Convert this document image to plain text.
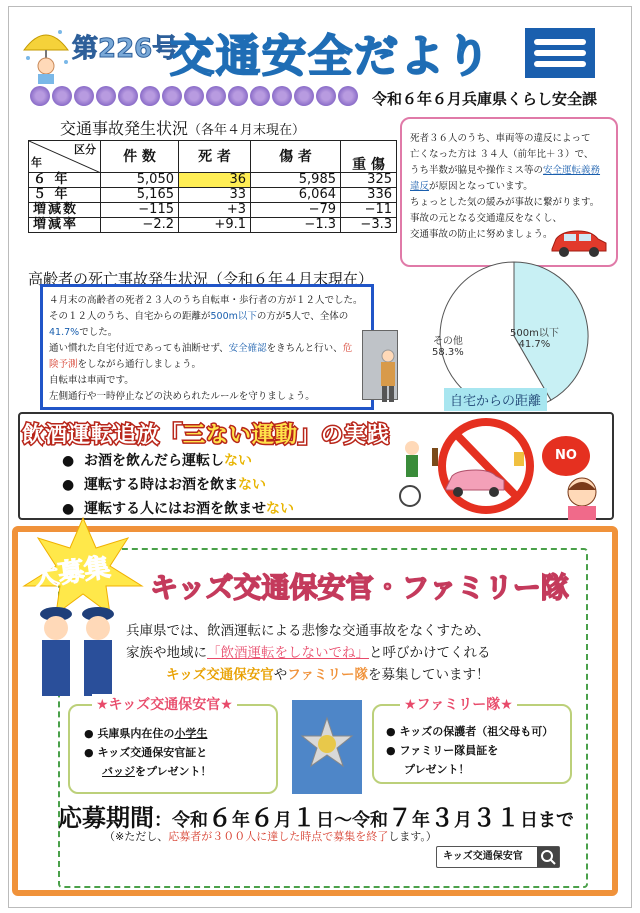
第226号
交通安全だより
令和６年６月兵庫県くらし安全課
交通事故発生状況（各年４月末現在）
区分
年	件 数	死 者	傷 者	重 傷
６ 年	5,050	36	5,985	325
５ 年	5,165	33	6,064	336
増減数	−115	+3	−79	−11
増減率	−2.2	+9.1	−1.3	−3.3
死者３６人のうち、車両等の違反によって
亡くなった方は ３４人（前年比＋３）で、
うち半数が脇見や操作ミス等の安全運転義務
違反が原因となっています。
ちょっとした気の緩みが事故に繋がります。
事故の元となる交通違反をなくし、
交通事故の防止に努めましょう。
高齢者の死亡事故発生状況（令和６年４月末現在）
４月末の高齢者の死者２３人のうち自転車・歩行者の方が１２人でした。
その１２人のうち、自宅からの距離が500m以下の方が5人で、全体の
41.7%でした。
通い慣れた自宅付近であっても油断せず、安全確認をきちんと行い、危
険予測をしながら通行しましょう。
自転車は車両です。
左側通行や一時停止などの決められたルールを守りましょう。
その他
58.3%
500m以下
41.7%
自宅からの距離
飲酒運転追放「三ない運動」の実践
●  お酒を飲んだら運転しない
●  運転する時はお酒を飲まない
●  運転する人にはお酒を飲ませない
NO
大募集 キッズ交通保安官・ファミリー隊
兵庫県では、飲酒運転による悲惨な交通事故をなくすため、
家族や地域に「飲酒運転をしないでね」と呼びかけてくれる
キッズ交通保安官やファミリー隊を募集しています！
● 兵庫県内在住の小学生
● キッズ交通保安官証と
バッジをプレゼント！
★キッズ交通保安官★
● キッズの保護者（祖父母も可）
● ファミリー隊員証を
プレゼント！
★ファミリー隊★
応募期間：令和６年６月１日〜令和７年３月３１日まで
（※ただし、応募者が３００人に達した時点で募集を終了します。）
キッズ交通保安官
